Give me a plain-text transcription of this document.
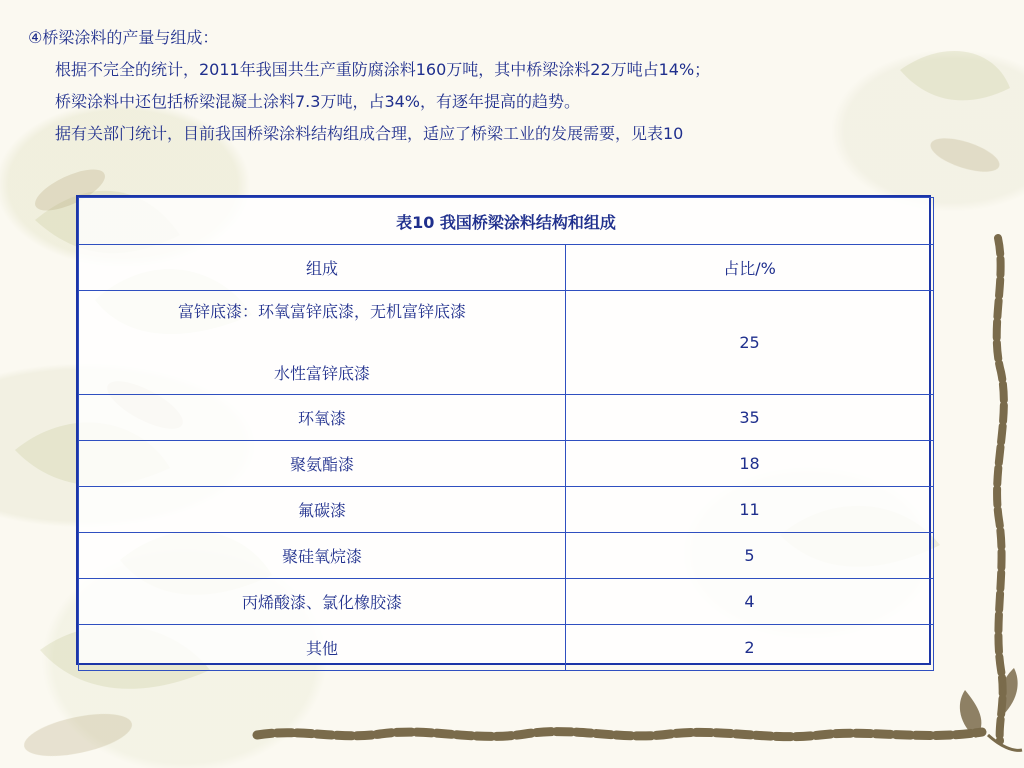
④桥梁涂料的产量与组成：
根据不完全的统计，2011年我国共生产重防腐涂料160万吨，其中桥梁涂料22万吨占14%；
桥梁涂料中还包括桥梁混凝土涂料7.3万吨，占34%，有逐年提高的趋势。
据有关部门统计，目前我国桥梁涂料结构组成合理，适应了桥梁工业的发展需要，见表10
表10 我国桥梁涂料结构和组成	
组成	占比/%

富锌底漆：环氧富锌底漆，无机富锌底漆
水性富锌底漆	25
环氧漆	35
聚氨酯漆	18
氟碳漆	11
聚硅氧烷漆	5
丙烯酸漆、氯化橡胶漆	4
其他	2
